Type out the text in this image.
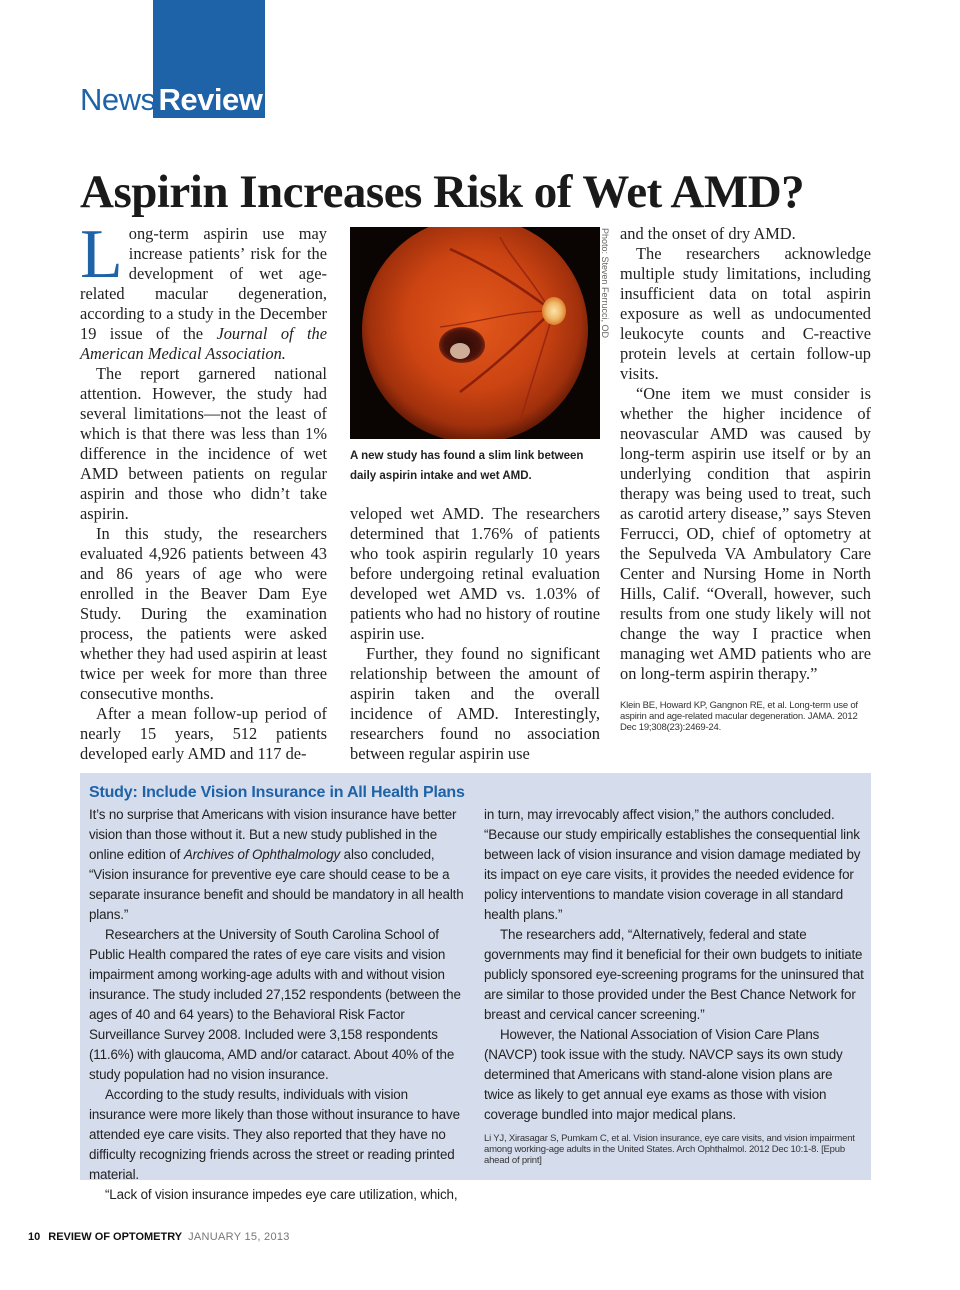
NewsReview
Aspirin Increases Risk of Wet AMD?

Long-term aspirin use may increase patients’ risk for the development of wet age-related macular degeneration, according to a study in the December 19 issue of the Journal of the American Medical Association.

The report garnered national attention. However, the study had several limitations—not the least of which is that there was less than 1% difference in the incidence of wet AMD between patients on regular aspirin and those who didn’t take aspirin.

In this study, the researchers evaluated 4,926 patients between 43 and 86 years of age who were enrolled in the Beaver Dam Eye Study. During the examination process, the patients were asked whether they had used aspirin at least twice per week for more than three consecutive months.

After a mean follow-up period of nearly 15 years, 512 patients developed early AMD and 117 de-

Photo: Steven Ferrucci, OD
A new study has found a slim link between daily aspirin intake and wet AMD.

veloped wet AMD. The researchers determined that 1.76% of patients who took aspirin regularly 10 years before undergoing retinal evaluation developed wet AMD vs. 1.03% of patients who had no history of routine aspirin use.

Further, they found no significant relationship between the amount of aspirin taken and the overall incidence of AMD. Interestingly, researchers found no association between regular aspirin use

and the onset of dry AMD.

The researchers acknowledge multiple study limitations, including insufficient data on total aspirin exposure as well as undocumented leukocyte counts and C-reactive protein levels at certain follow-up visits.

“One item we must consider is whether the higher incidence of neovascular AMD was caused by long-term aspirin use itself or by an underlying condition that aspirin therapy was being used to treat, such as carotid artery disease,” says Steven Ferrucci, OD, chief of optometry at the Sepulveda VA Ambulatory Care Center and Nursing Home in North Hills, Calif. “Overall, however, such results from one study likely will not change the way I practice when managing wet AMD patients who are on long-term aspirin therapy.”

Klein BE, Howard KP, Gangnon RE, et al. Long-term use of aspirin and age-related macular degeneration. JAMA. 2012 Dec 19;308(23):2469-24.

Study: Include Vision Insurance in All Health Plans

It’s no surprise that Americans with vision insurance have better vision than those without it. But a new study published in the online edition of Archives of Ophthalmology also concluded, “Vision insurance for preventive eye care should cease to be a separate insurance benefit and should be mandatory in all health plans.”

Researchers at the University of South Carolina School of Public Health compared the rates of eye care visits and vision impairment among working-age adults with and without vision insurance. The study included 27,152 respondents (between the ages of 40 and 64 years) to the Behavioral Risk Factor Surveillance Survey 2008. Included were 3,158 respondents (11.6%) with glaucoma, AMD and/or cataract. About 40% of the study population had no vision insurance.

According to the study results, individuals with vision insurance were more likely than those without insurance to have attended eye care visits. They also reported that they have no difficulty recognizing friends across the street or reading printed material.

“Lack of vision insurance impedes eye care utilization, which,

in turn, may irrevocably affect vision,” the authors concluded. “Because our study empirically establishes the consequential link between lack of vision insurance and vision damage mediated by its impact on eye care visits, it provides the needed evidence for policy interventions to mandate vision coverage in all standard health plans.”

The researchers add, “Alternatively, federal and state governments may find it beneficial for their own budgets to initiate publicly sponsored eye-screening programs for the uninsured that are similar to those provided under the Best Chance Network for breast and cervical cancer screening.”

However, the National Association of Vision Care Plans (NAVCP) took issue with the study. NAVCP says its own study determined that Americans with stand-alone vision plans are twice as likely to get annual eye exams as those with vision coverage bundled into major medical plans.

Li YJ, Xirasagar S, Pumkam C, et al. Vision insurance, eye care visits, and vision impairment among working-age adults in the United States. Arch Ophthalmol. 2012 Dec 10:1-8. [Epub ahead of print]

10 REVIEW OF OPTOMETRY JANUARY 15, 2013
